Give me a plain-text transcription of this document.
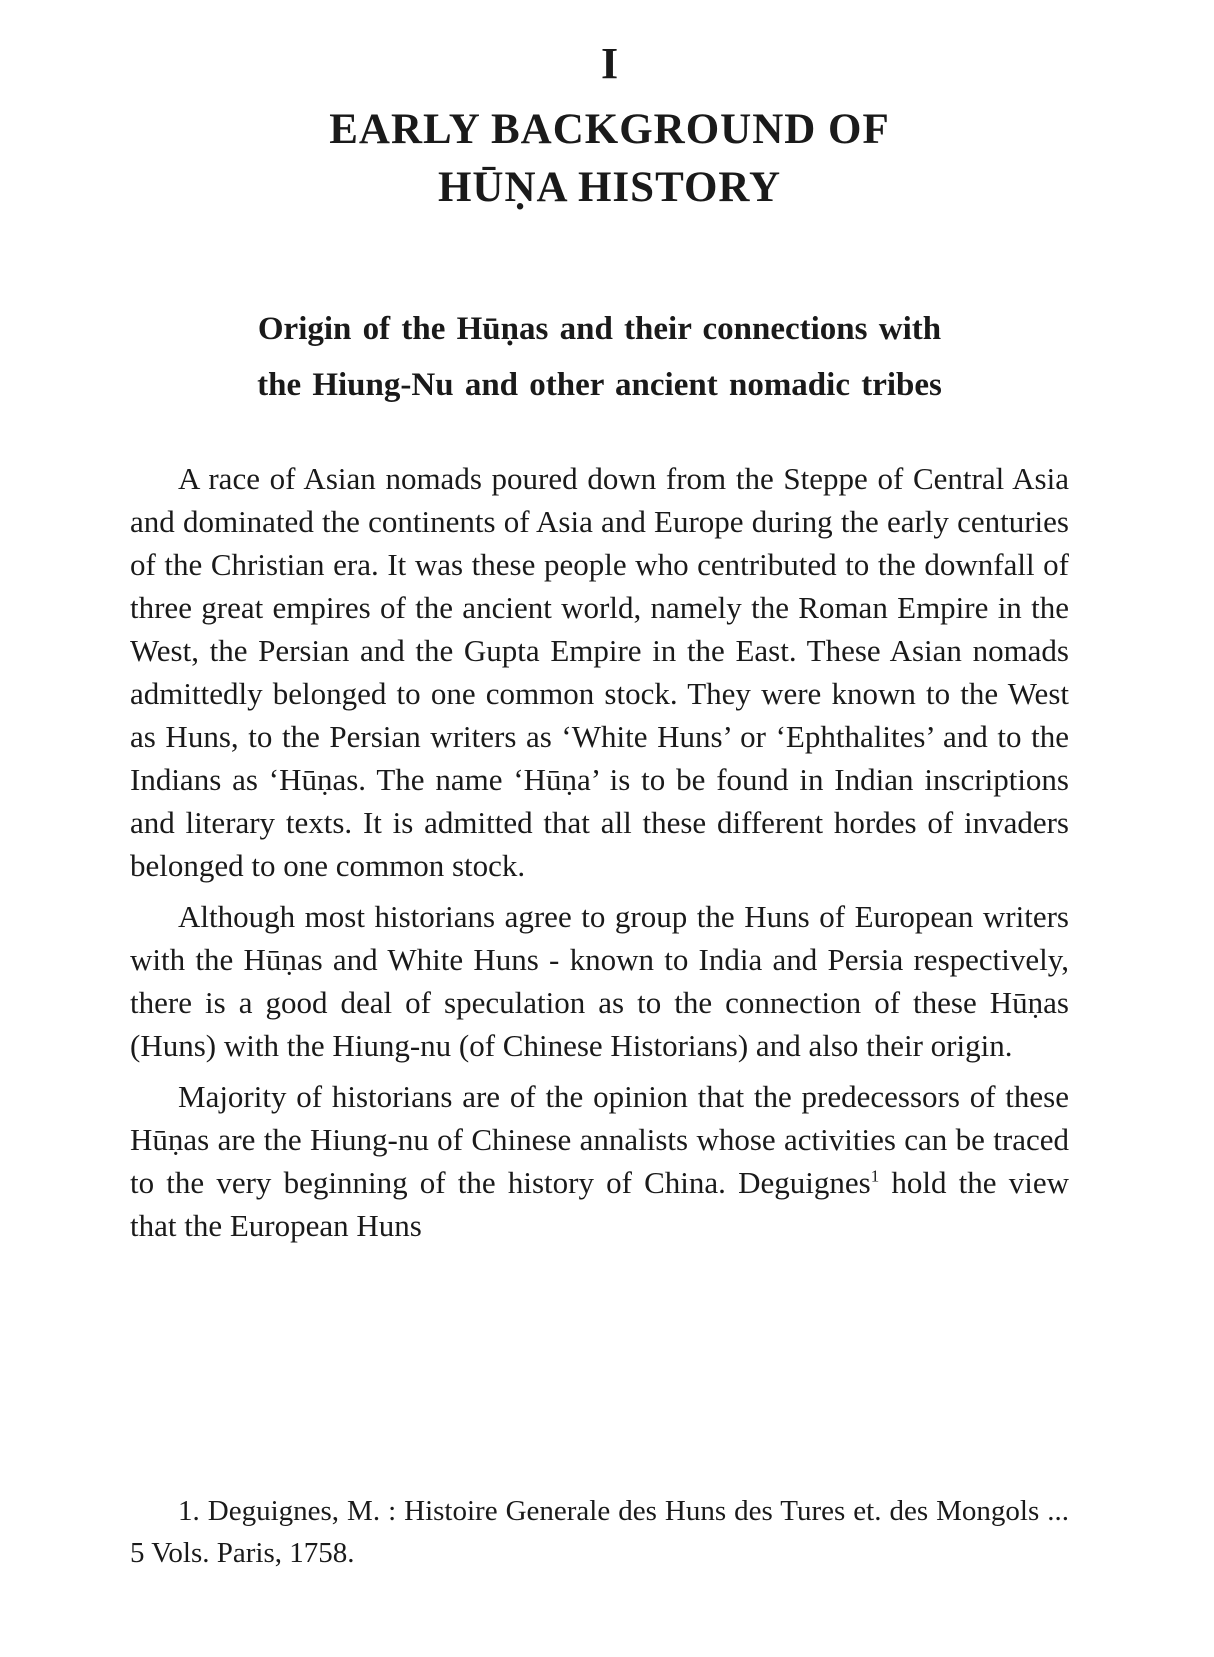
I
EARLY BACKGROUND OF
HŪṆA HISTORY
Origin of the Hūṇas and their connections with
the Hiung-Nu and other ancient nomadic tribes

A race of Asian nomads poured down from the Steppe of Central Asia and dominated the continents of Asia and Europe during the early centuries of the Christian era. It was these people who centributed to the downfall of three great empires of the ancient world, namely the Roman Empire in the West, the Persian and the Gupta Empire in the East. These Asian nomads admittedly belonged to one common stock. They were known to the West as Huns, to the Persian writers as ‘White Huns’ or ‘Ephthalites’ and to the Indians as ‘Hūṇas. The name ‘Hūṇa’ is to be found in Indian inscriptions and literary texts. It is admitted that all these different hordes of invaders belonged to one common stock.

Although most historians agree to group the Huns of European writers with the Hūṇas and White Huns - known to India and Persia respectively, there is a good deal of speculation as to the connection of these Hūṇas (Huns) with the Hiung-nu (of Chinese Historians) and also their origin.

Majority of historians are of the opinion that the predecessors of these Hūṇas are the Hiung-nu of Chinese annalists whose activities can be traced to the very beginning of the history of China. Deguignes$^1$ hold the view that the European Huns

1. Deguignes, M. : Histoire Generale des Huns des Tures et. des Mongols ... 5 Vols. Paris, 1758.
